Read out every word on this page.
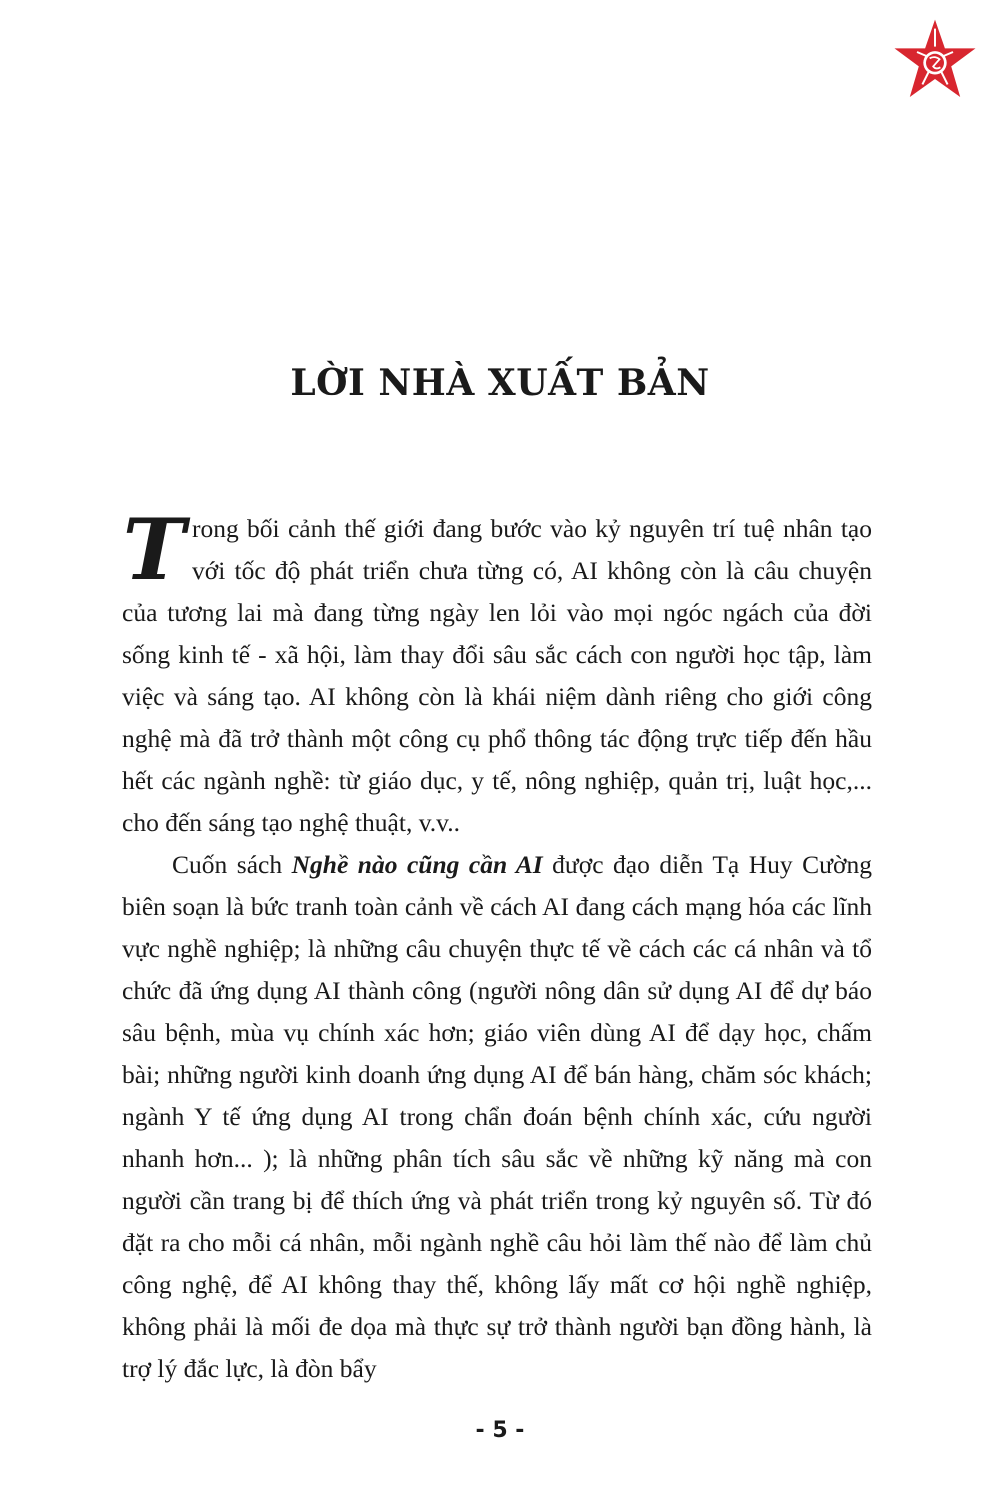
LỜI NHÀ XUẤT BẢN

Trong bối cảnh thế giới đang bước vào kỷ nguyên trí tuệ nhân tạo với tốc độ phát triển chưa từng có, AI không còn là câu chuyện của tương lai mà đang từng ngày len lỏi vào mọi ngóc ngách của đời sống kinh tế - xã hội, làm thay đổi sâu sắc cách con người học tập, làm việc và sáng tạo. AI không còn là khái niệm dành riêng cho giới công nghệ mà đã trở thành một công cụ phổ thông tác động trực tiếp đến hầu hết các ngành nghề: từ giáo dục, y tế, nông nghiệp, quản trị, luật học,... cho đến sáng tạo nghệ thuật, v.v..

Cuốn sách Nghề nào cũng cần AI được đạo diễn Tạ Huy Cường biên soạn là bức tranh toàn cảnh về cách AI đang cách mạng hóa các lĩnh vực nghề nghiệp; là những câu chuyện thực tế về cách các cá nhân và tổ chức đã ứng dụng AI thành công (người nông dân sử dụng AI để dự báo sâu bệnh, mùa vụ chính xác hơn; giáo viên dùng AI để dạy học, chấm bài; những người kinh doanh ứng dụng AI để bán hàng, chăm sóc khách; ngành Y tế ứng dụng AI trong chẩn đoán bệnh chính xác, cứu người nhanh hơn... ); là những phân tích sâu sắc về những kỹ năng mà con người cần trang bị để thích ứng và phát triển trong kỷ nguyên số. Từ đó đặt ra cho mỗi cá nhân, mỗi ngành nghề câu hỏi làm thế nào để làm chủ công nghệ, để AI không thay thế, không lấy mất cơ hội nghề nghiệp, không phải là mối đe dọa mà thực sự trở thành người bạn đồng hành, là trợ lý đắc lực, là đòn bẩy

- 5 -
